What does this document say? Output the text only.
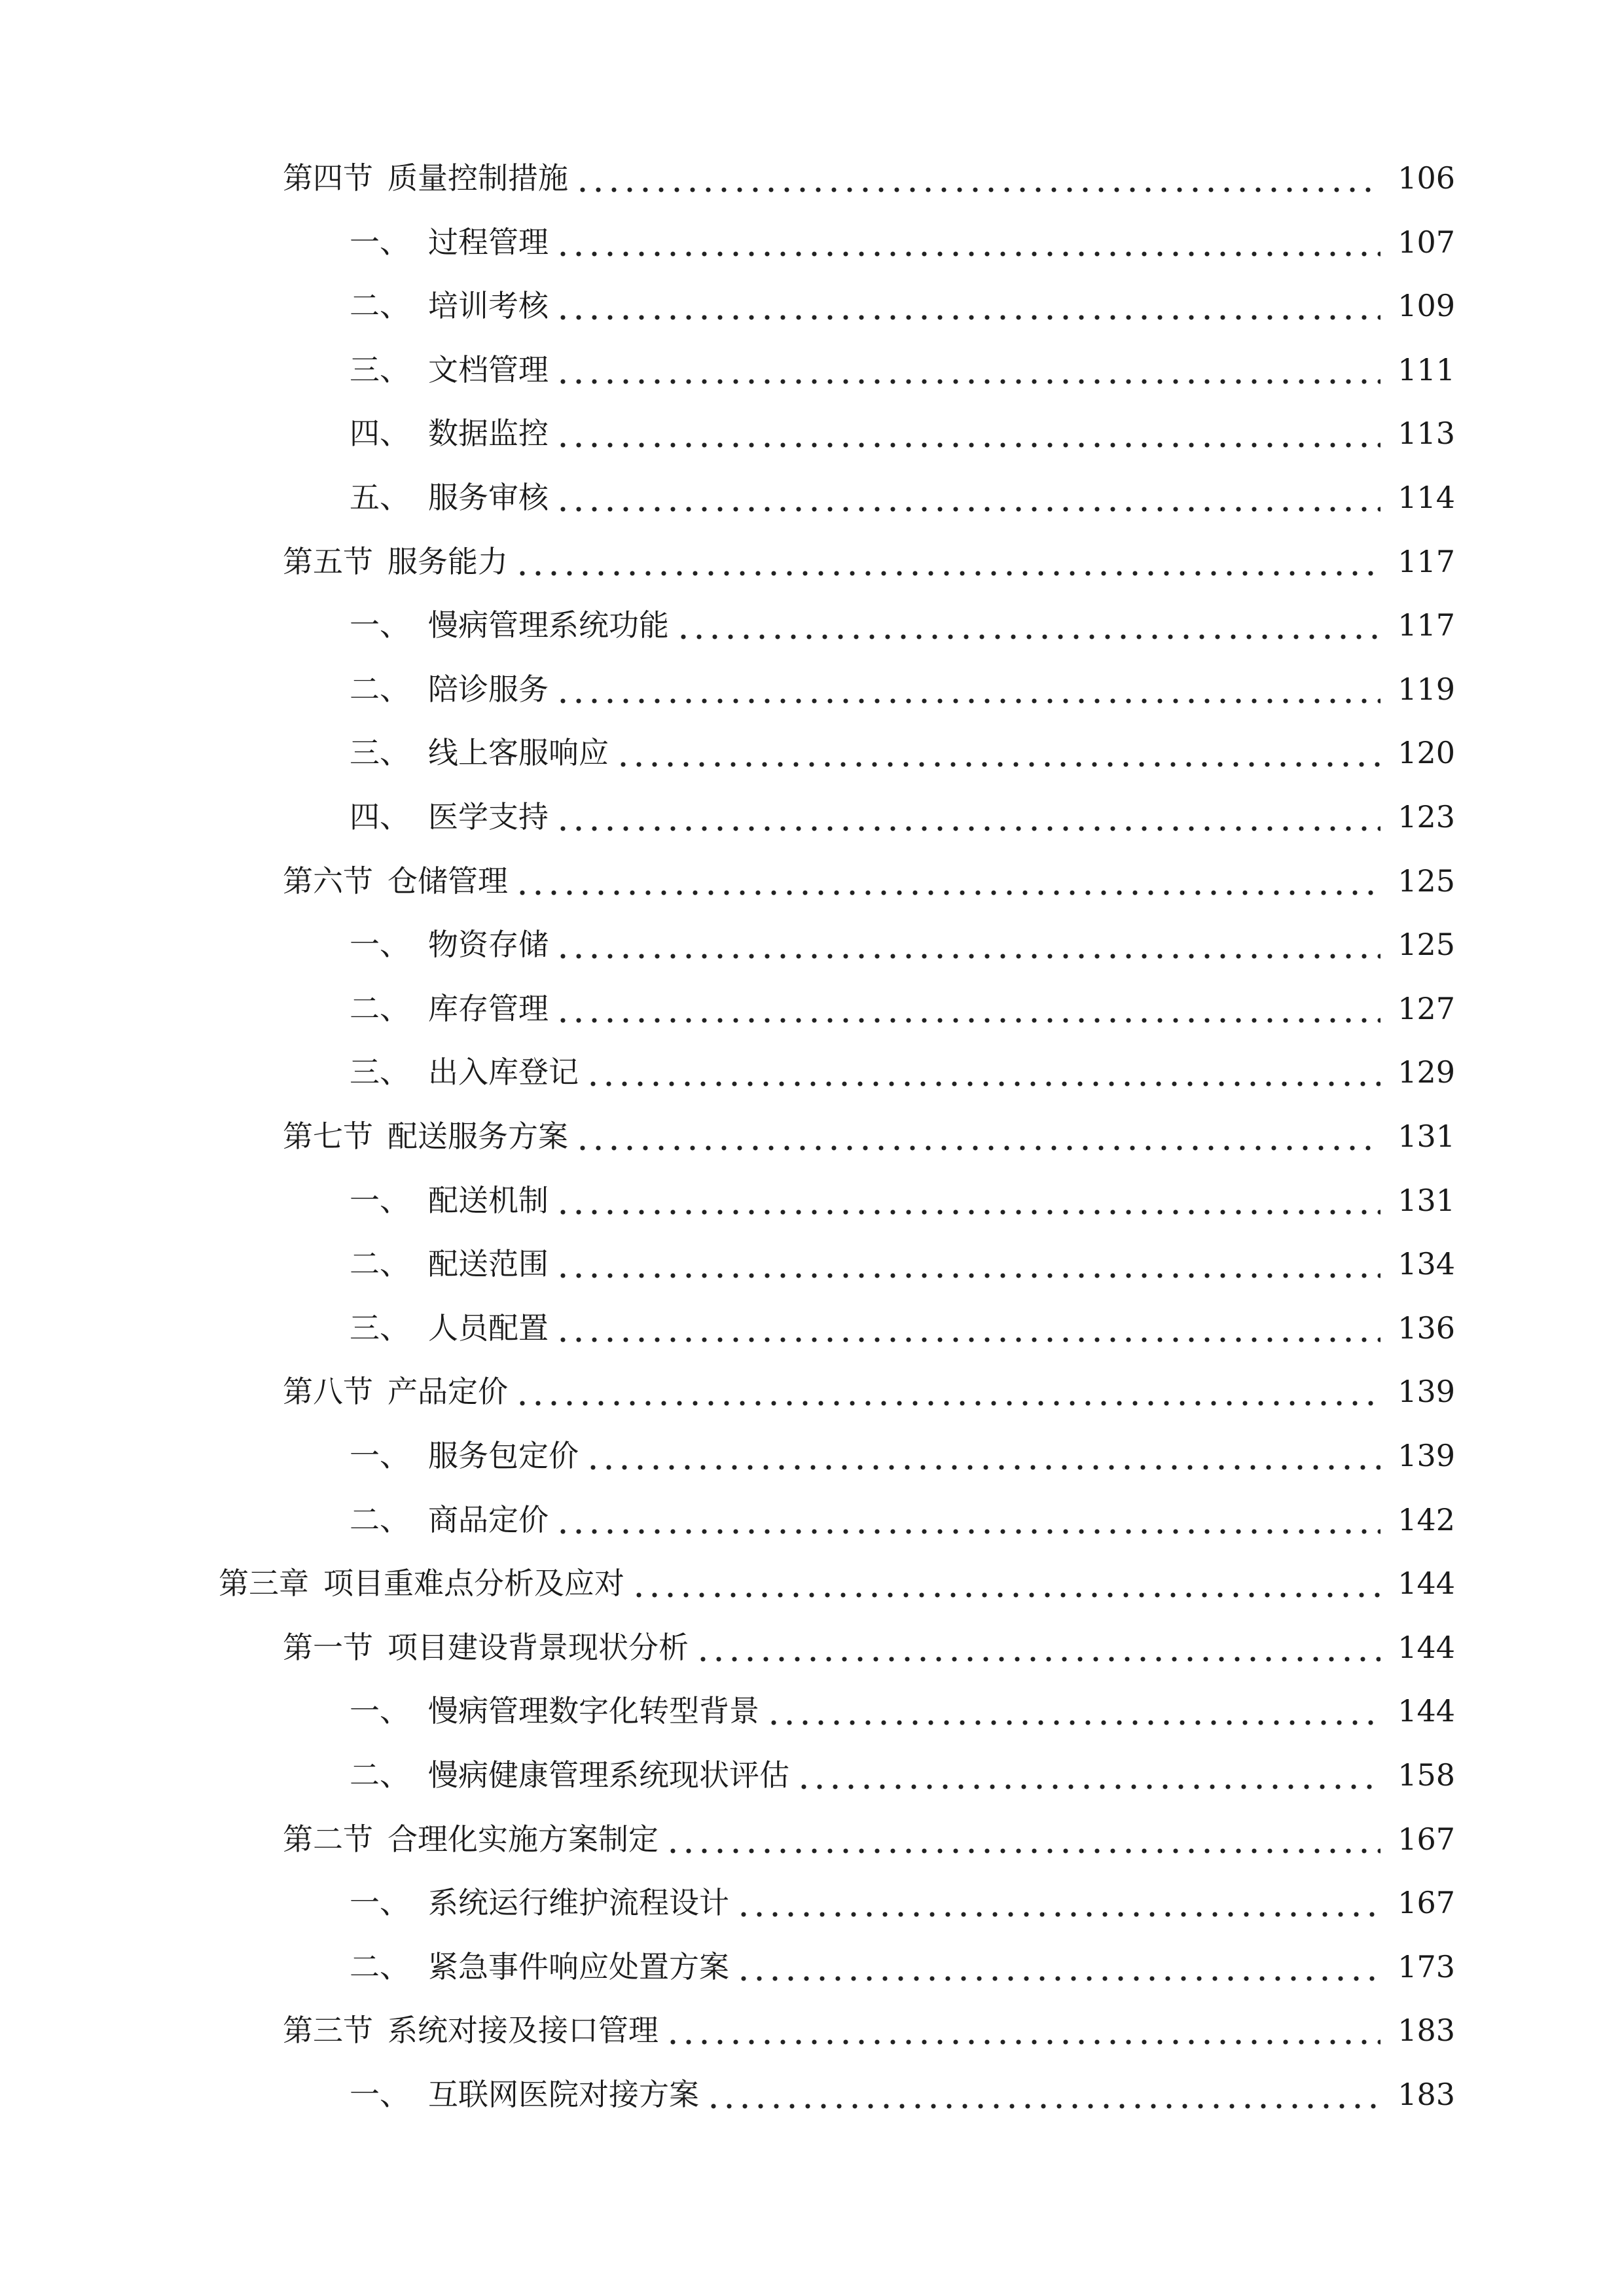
第四节 质量控制措施	106
一、 过程管理	107
二、 培训考核	109
三、 文档管理	111
四、 数据监控	113
五、 服务审核	114
第五节 服务能力	117
一、 慢病管理系统功能	117
二、 陪诊服务	119
三、 线上客服响应	120
四、 医学支持	123
第六节 仓储管理	125
一、 物资存储	125
二、 库存管理	127
三、 出入库登记	129
第七节 配送服务方案	131
一、 配送机制	131
二、 配送范围	134
三、 人员配置	136
第八节 产品定价	139
一、 服务包定价	139
二、 商品定价	142
第三章 项目重难点分析及应对	144
第一节 项目建设背景现状分析	144
一、 慢病管理数字化转型背景	144
二、 慢病健康管理系统现状评估	158
第二节 合理化实施方案制定	167
一、 系统运行维护流程设计	167
二、 紧急事件响应处置方案	173
第三节 系统对接及接口管理	183
一、 互联网医院对接方案	183
